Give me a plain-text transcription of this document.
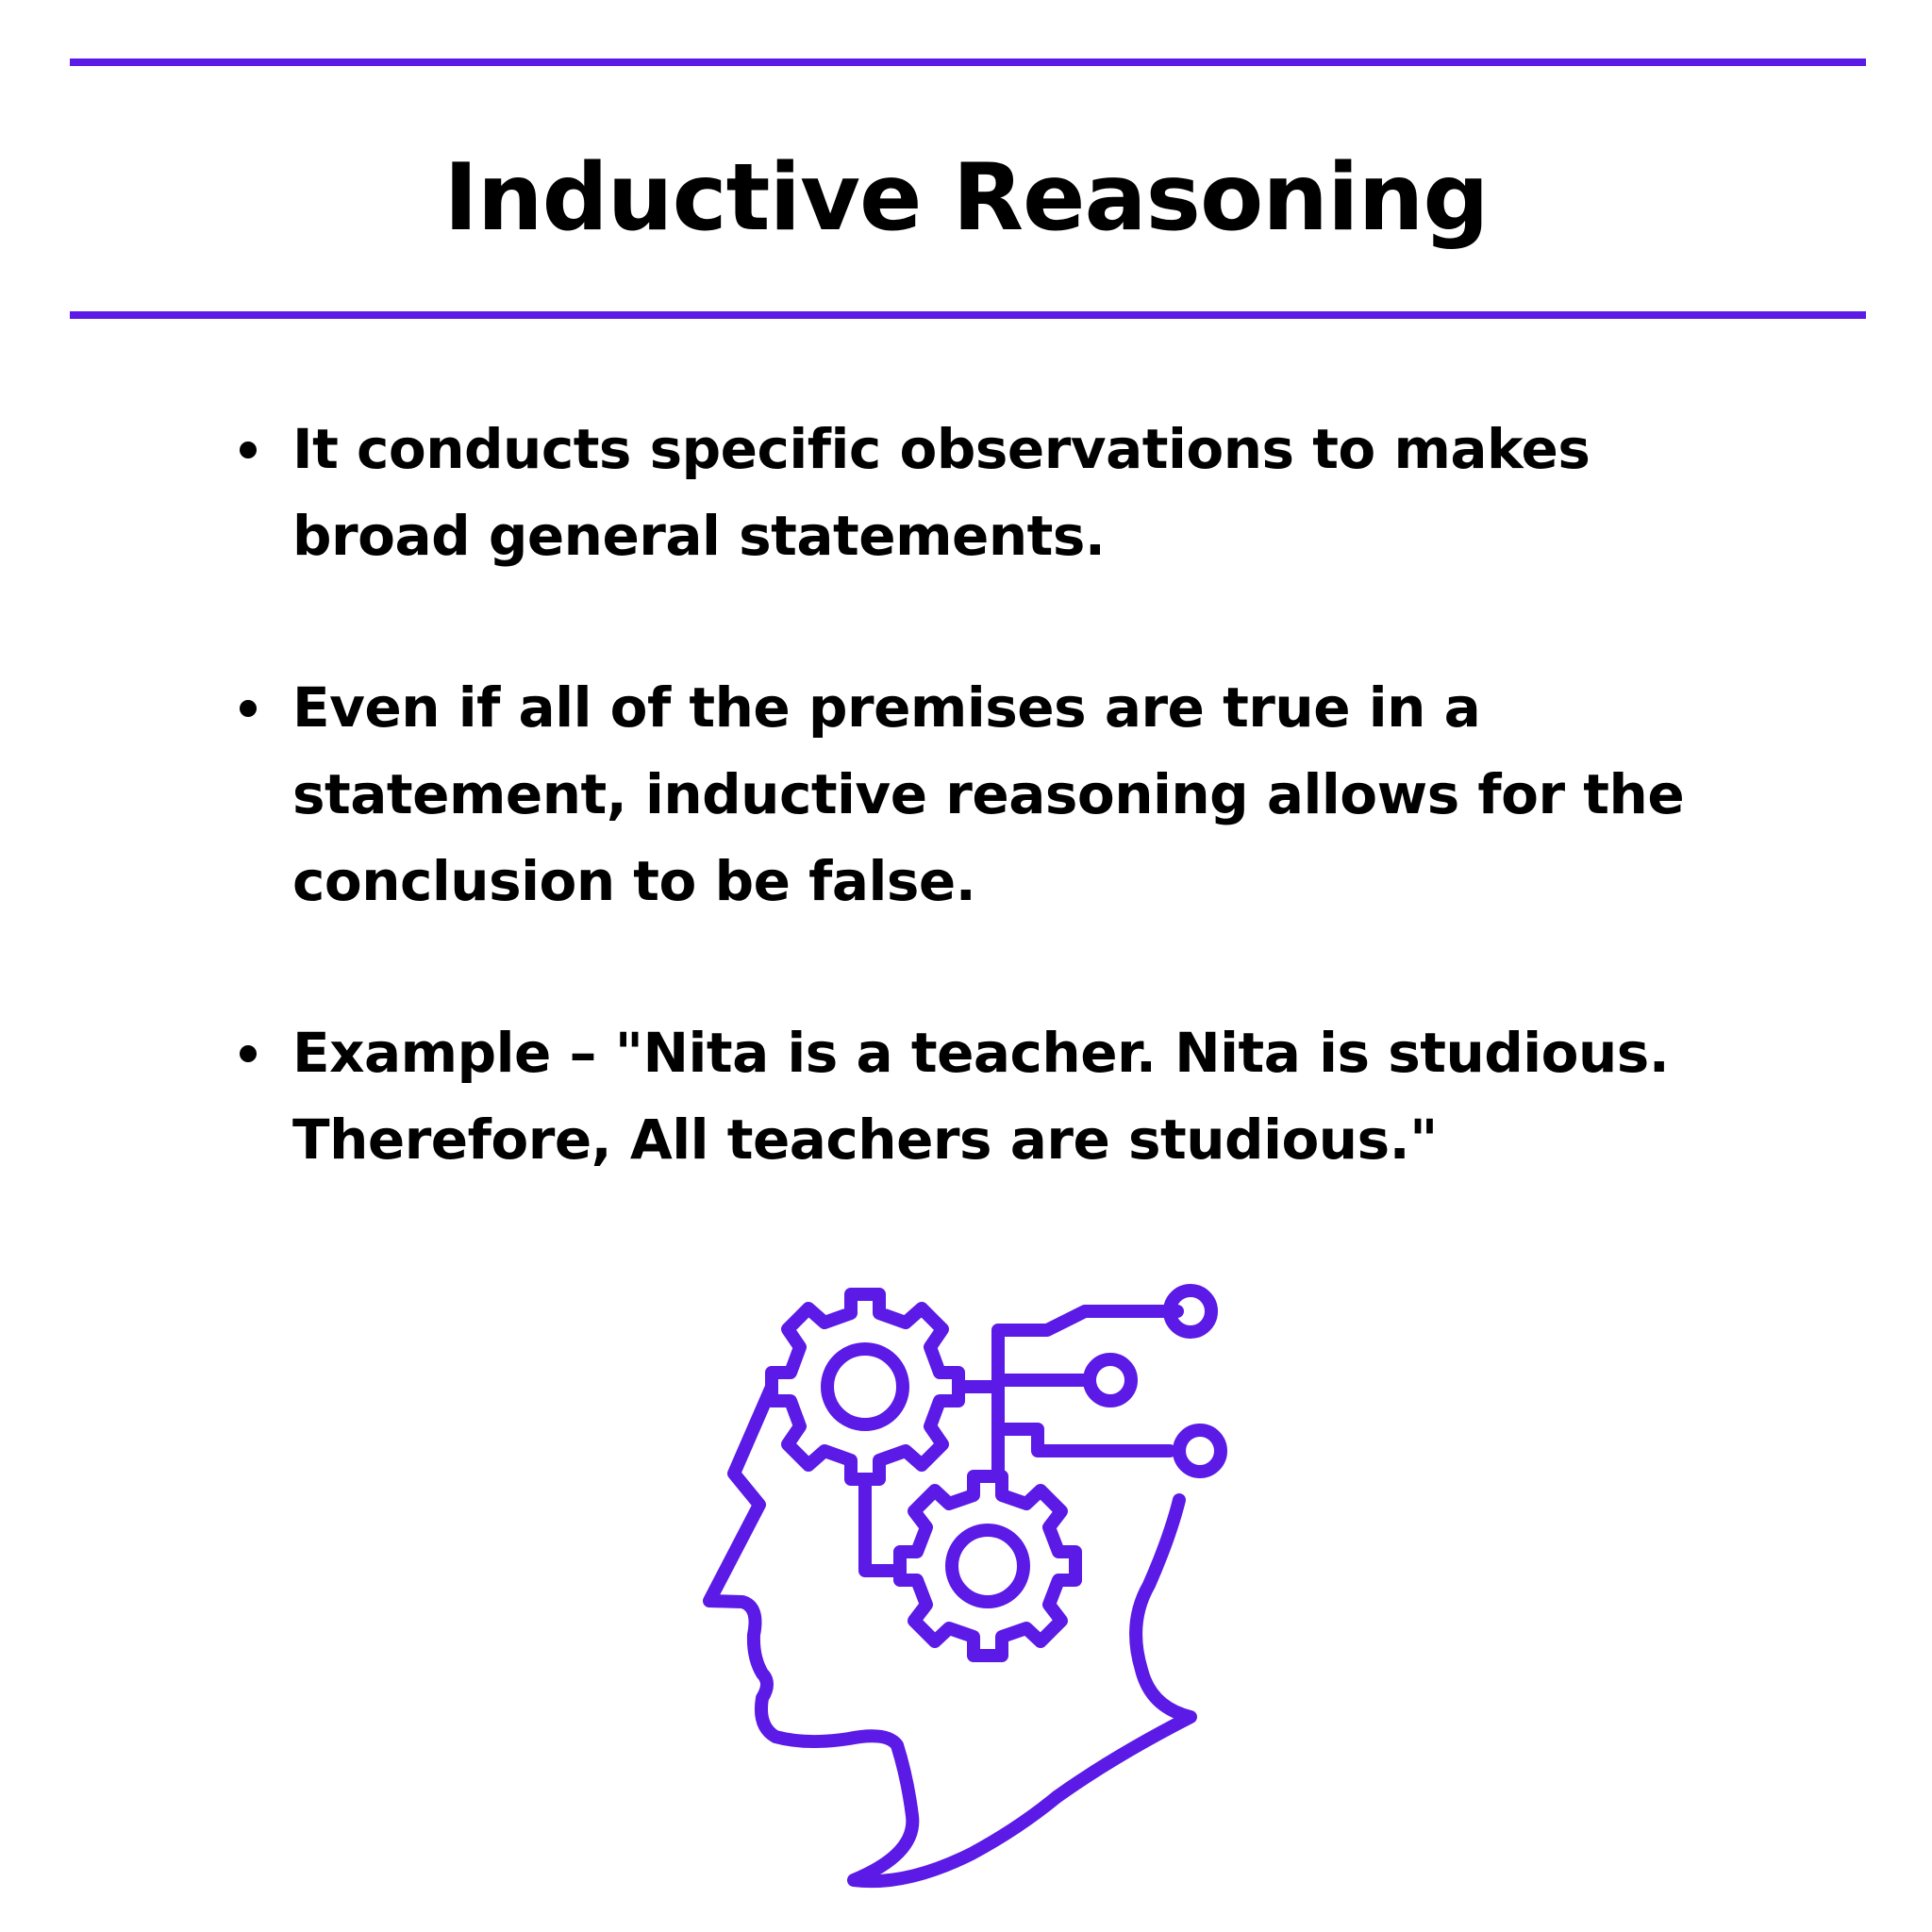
Inductive Reasoning
It conducts specific observations to makes broad general statements.
Even if all of the premises are true in a statement, inductive reasoning allows for the conclusion to be false.
Example – "Nita is a teacher. Nita is studious. Therefore, All teachers are studious."
